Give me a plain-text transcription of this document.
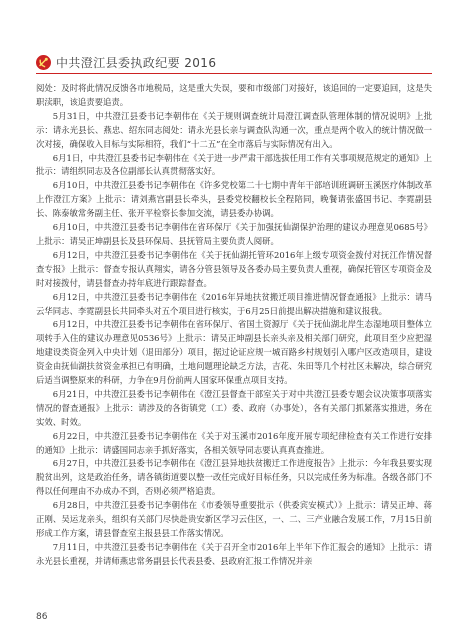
中共澄江县委执政纪要 2016

阅处：及时将此情况反馈各市地税局，这是重大失误，要和市级部门对接好，该追回的一定要追回，这是失职渎职，该追责要追责。

5月31日，中共澄江县委书记李朝伟在《关于规则调查统计局澄江调查队管理体制的情况说明》上批示：请永光县长、燕忠、绍东同志阅处：请永光县长亲与调查队沟通一次，重点是两个收入的统计情况做一次对接，确保收入目标与实际相符，我们“十二五”在全市落后与实际情况有出入。

6月1日，中共澄江县委书记李朝伟在《关于进一步严肃干部选拔任用工作有关事项规范规定的通知》上批示：请组织同志及各位副部长认真贯彻落实好。

6月10日，中共澄江县委书记李朝伟在《许多党校第二十七期中青年干部培训班调研玉溪医疗体制改革上作澄江方案》上批示：请刘燕宫副县长牵头，县委党校翻校长全程陪同，晚餐请张盛国书记、李霓副县长、陈泰敏常务副主任、张开平检察长参加交流，请县委办协调。

6月10日，中共澄江县委书记李朝伟在省环保厅《关于加强抚仙湖保护治理的建议办理意见0685号》上批示：请吴正坤副县长及县环保局、县抚管局主要负责人阅研。

6月12日，中共澄江县委书记李朝伟在《关于抚仙湖托管环2016年上级专项资金拨付对抚江作情况督查专报》上批示：督查专报认真翔实，请各分管县领导及各委办局主要负责人重视，确保托管区专项资金及时对接拨付，请县督查办持年底进行跟踪督查。

6月12日，中共澄江县委书记李朝伟在《2016年异地扶贫搬迁项目推进情况督查通报》上批示：请马云华同志、李霓副县长共同牵头对五个项目进行核实，于6月25日前提出解决措施和建议报我。

6月12日，中共澄江县委书记李朝伟在省环保厅、省国土资源厅《关于抚仙湖北岸生态湿地项目整体立项转手入住的建议办理意见0536号》上批示：请吴正坤副县长亲头亲及相关部门研究，此项目至少应把湿地建设类资金列入中央计划（退田部分）项目，据过论证应规一城百路乡村规划引入哪户区改造项目，建设资金由抚仙湖扶贫资金承担已有明确，土地问题理论缺乏方法，吉花、朱田等几个村社区未解决，综合研究后适当调整原来的科研，力争在9月份前两人国家环保重点项目支持。

6月21日，中共澄江县委书记李朝伟在《澄江县督查干部室关于对中共澄江县委专题会议决策事项落实情况的督查通报》上批示：请涉及的各街镇党（工）委、政府（办事处），各有关部门抓紧落实推进，务在实效、时效。

6月22日，中共澄江县委书记李朝伟在《关于对玉溪市2016年度开展专项纪律检查有关工作进行安排的通知》上批示：请盛国同志亲手抓好落实，各相关领导同志要认真真查推进。

6月27日，中共澄江县委书记李朝伟在《澄江县异地扶贫搬迁工作进度报告》上批示：今年我县要实现脱贫出列，这是政治任务，请各镇街道要以整一改任完成好目标任务，只以完成任务为标准。各级各部门不得以任何理由不办成办不到，否则必须严格追责。

6月28日，中共澄江县委书记李朝伟在《市委领导重要批示（供委宾安模式）》上批示：请吴正坤、蒋正刚、吴运龙亲头，组织有关部门尽快赴贵安新区学习云住区，一、二、三产业融合发展工作，7月15日前形成工作方案，请县督查室主报县县工作落实情况。

7月11日，中共澄江县委书记李朝伟在《关于召开全市2016年上半年下作汇报会的通知》上批示：请永光县长重视，并请师燕忠常务副县长代表县委、县政府汇报工作情况并亲

86
